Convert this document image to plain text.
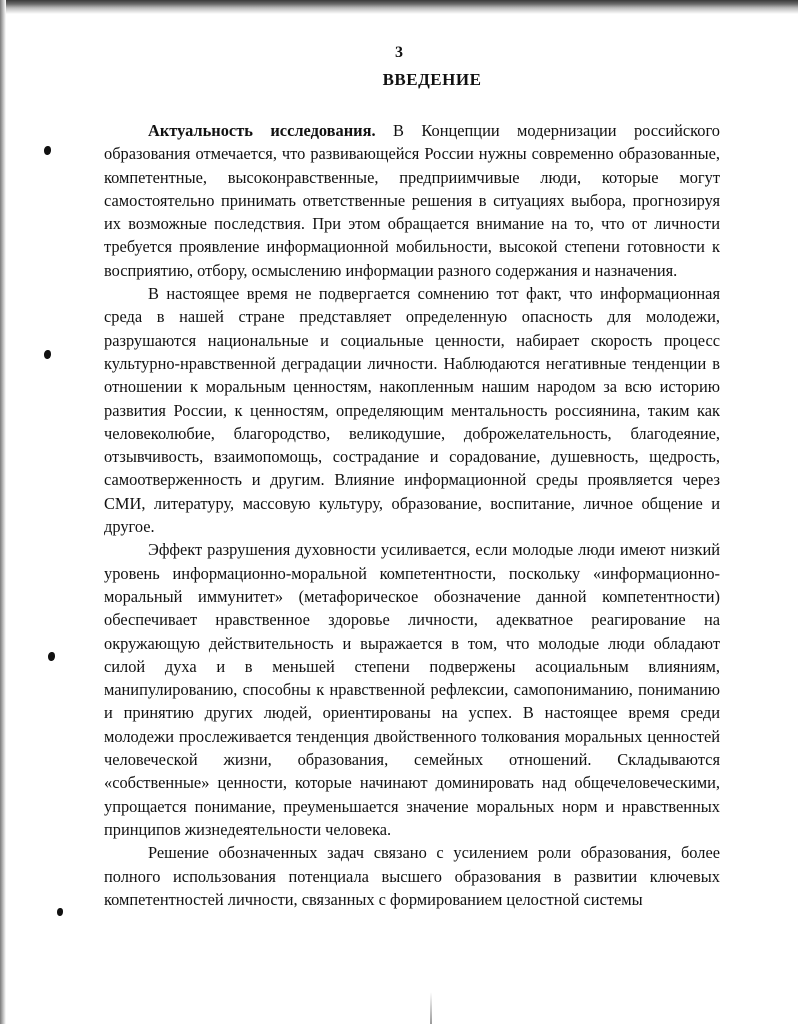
3
ВВЕДЕНИЕ

Актуальность исследования. В Концепции модернизации российского образования отмечается, что развивающейся России нужны современно образованные, компетентные, высоконравственные, предприимчивые люди, которые могут самостоятельно принимать ответственные решения в ситуациях выбора, прогнозируя их возможные последствия. При этом обращается внимание на то, что от личности требуется проявление информационной мобильности, высокой степени готовности к восприятию, отбору, осмыслению информации разного содержания и назначения.

В настоящее время не подвергается сомнению тот факт, что информационная среда в нашей стране представляет определенную опасность для молодежи, разрушаются национальные и социальные ценности, набирает скорость процесс культурно-нравственной деградации личности. Наблюдаются негативные тенденции в отношении к моральным ценностям, накопленным нашим народом за всю историю развития России, к ценностям, определяющим ментальность россиянина, таким как человеколюбие, благородство, великодушие, доброжелательность, благодеяние, отзывчивость, взаимопомощь, сострадание и сорадование, душевность, щедрость, самоотверженность и другим. Влияние информационной среды проявляется через СМИ, литературу, массовую культуру, образование, воспитание, личное общение и другое.

Эффект разрушения духовности усиливается, если молодые люди имеют низкий уровень информационно-моральной компетентности, поскольку «информационно-моральный иммунитет» (метафорическое обозначение данной компетентности) обеспечивает нравственное здоровье личности, адекватное реагирование на окружающую действительность и выражается в том, что молодые люди обладают силой духа и в меньшей степени подвержены асоциальным влияниям, манипулированию, способны к нравственной рефлексии, самопониманию, пониманию и принятию других людей, ориентированы на успех. В настоящее время среди молодежи прослеживается тенденция двойственного толкования моральных ценностей человеческой жизни, образования, семейных отношений. Складываются «собственные» ценности, которые начинают доминировать над общечеловеческими, упрощается понимание, преуменьшается значение моральных норм и нравственных принципов жизнедеятельности человека.

Решение обозначенных задач связано с усилением роли образования, более полного использования потенциала высшего образования в развитии ключевых компетентностей личности, связанных с формированием целостной системы
